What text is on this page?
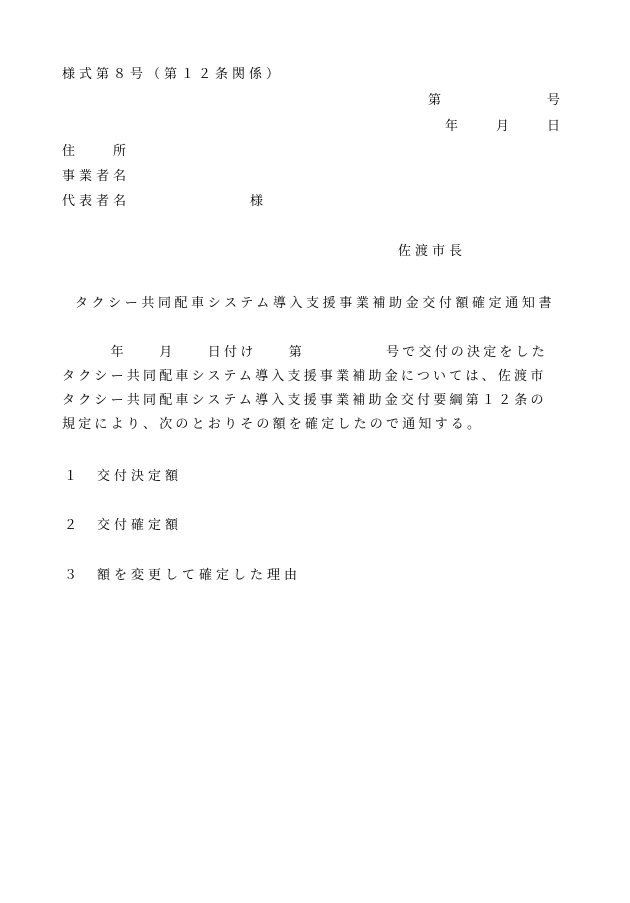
様式第８号（第１２条関係）
第　　　　　　号
年　　月　　日
住　　所
事業者名
代表者名	様
佐渡市長
タクシー共同配車システム導入支援事業補助金交付額確定通知書
　　　年　　月　　日付け　　第　　　　　号で交付の決定をした
タクシー共同配車システム導入支援事業補助金については、佐渡市
タクシー共同配車システム導入支援事業補助金交付要綱第１２条の
規定により、次のとおりその額を確定したので通知する。
１ 交付決定額
２ 交付確定額
３ 額を変更して確定した理由
